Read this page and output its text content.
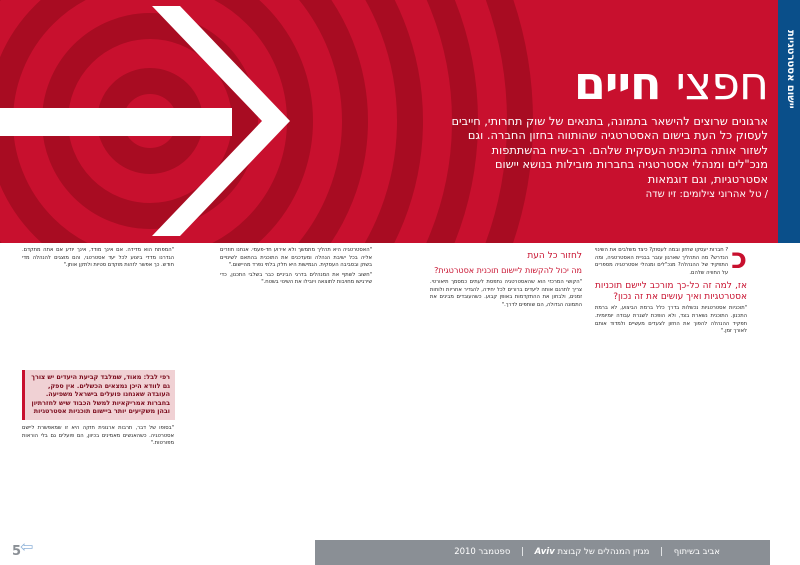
חפצי חיים
ארגונים שרוצים להישאר בתמונה, בתנאים של שוק תחרותי, חייבים לעסוק כל העת בישום האסטרטגיה שהותווה בחזון החברה. וגם לשזור אותה בתוכנית העסקית שלהם. רב-שיח בהשתתפות מנכ"לים ומנהלי אסטרטגיה בחברות מובילות בנושא יישום אסטרטגיות, וגם דוגמאות
/ טל אהרוני צילומים: זיו שדה
יישום אסטרטגיות

כ
? חברות יעסקו שחזון ובמה לעסוק? כיצד משלבים את השינוי הנדרש? מה התהליך שארגון עובר בבניית האסטרטגיה, ומה התפקיד של ההנהלה? מנכ"לים ומנהלי אסטרטגיה מספרים על החוויה שלהם.

אז, למה זה כל-כך מורכב ליישם תוכניות אסטרטגיות ואיך עושים את זה נכון?

"תוכניות אסטרטגיות נכשלות בדרך כלל ברמת הביצוע, לא ברמת התכנון. התוכנית נשארת בצד, ולא הופכת לשגרת עבודה יומיומית. תפקיד ההנהלה להפוך את החזון לצעדים מעשיים ולמדוד אותם לאורך זמן."

לחזור כל העת

מה יכול להקשות ליישום תוכנית אסטרטגית?

"הקושי המרכזי הוא שהאסטרטגיה נתפסת לעתים כמסמך תיאורטי. צריך לתרגם אותה ליעדים ברורים לכל יחידה, להגדיר אחריות ולוחות זמנים, ולבחון את ההתקדמות באופן קבוע. כשהעובדים מבינים את התמונה הגדולה, הם שותפים לדרך."

"האסטרטגיה היא תהליך מתמשך ולא אירוע חד-פעמי. אנחנו חוזרים אליה בכל ישיבת הנהלה ומעדכנים את התוכנית בהתאם לשינויים בשוק ובסביבה העסקית. הגמישות היא חלק בלתי נפרד מהיישום."

"חשוב לשתף את המנהלים בדרגי הביניים כבר בשלבי התכנון, כדי שירגישו מחויבות לתוצאה ויובילו את השינוי בשטח."

"המפתח הוא מדידה. אם אינך מודד, אינך יודע אם אתה מתקדם. הגדרנו מדדי ביצוע לכל יעד אסטרטגי, והם מוצגים להנהלה מדי חודש. כך אפשר לזהות מוקדם סטיות ולתקן אותן."

"בסופו של דבר, תרבות ארגונית חזקה היא זו שמאפשרת ליישם אסטרטגיה. כשהאנשים מאמינים בכיוון, הם פועלים גם בלי הוראות מפורטות."

רפי לבל: מאוד, שמלבד קביעת היעדים יש צורך גם לוודא היכן נמצאים הכשלים. אין ספק, העובדה שאנחנו פועלים בישראל משפיעה. בחברות אמריקאיות למשל הכבוד שיש לחזרתיון ובהן משקיעים יותר ביישום תוכניות אסטרטגיות
⇦
5	אביב בשיתוף | מגזין המנהלים של קבוצת Aviv | ספטמבר 2010	4
